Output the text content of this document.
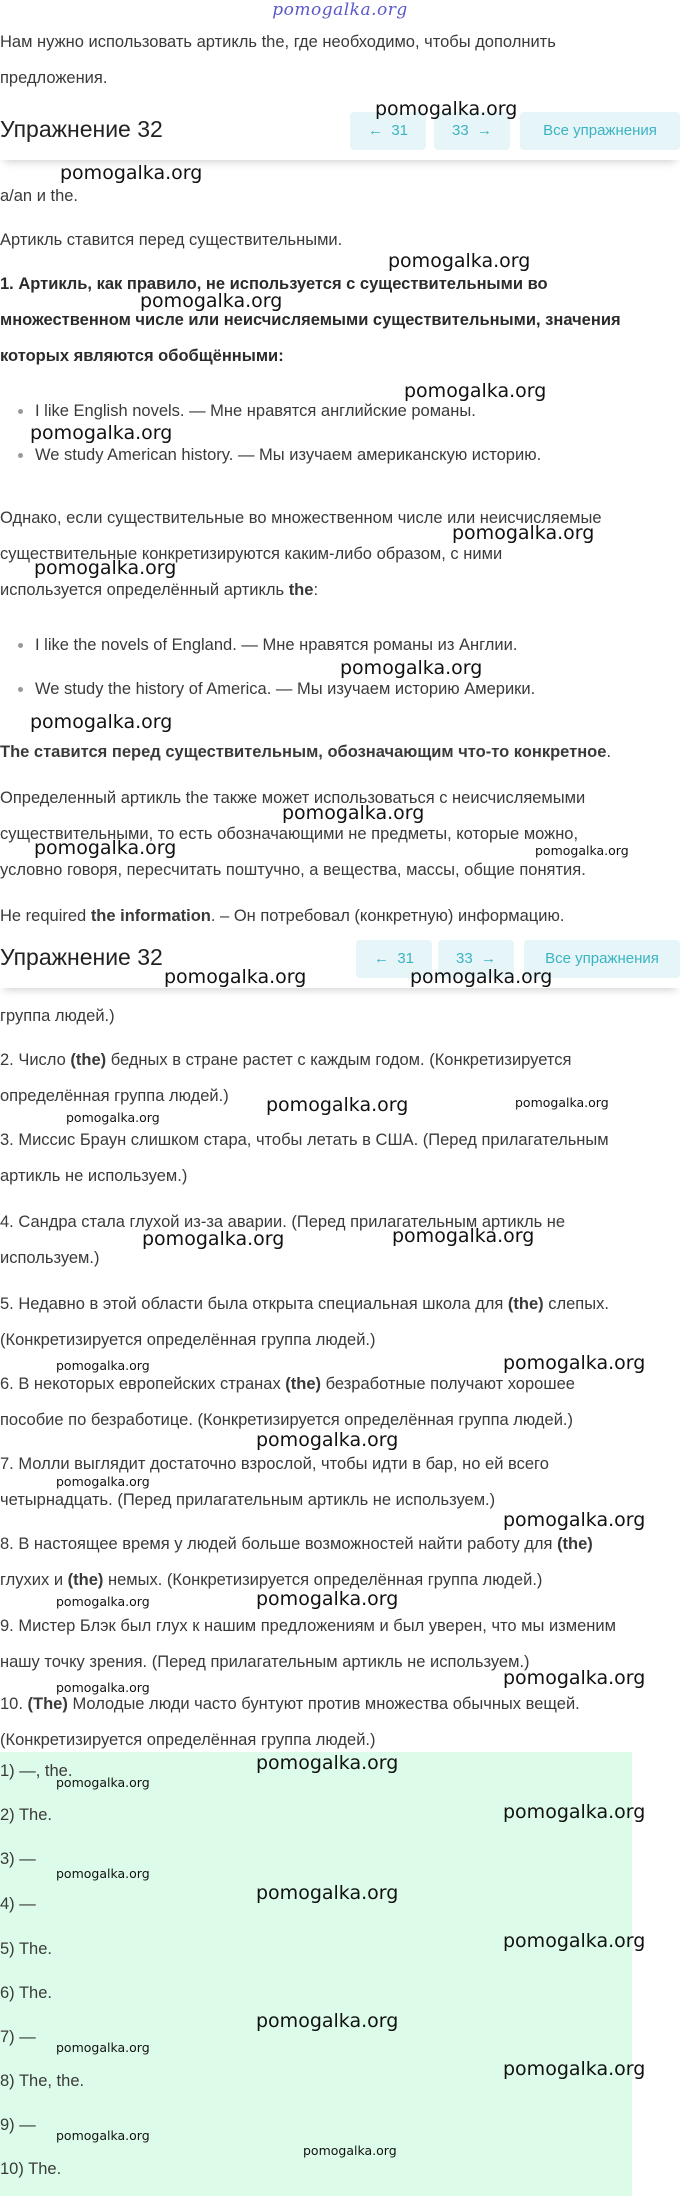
pomogalka.org
Нам нужно использовать артикль the, где необходимо, чтобы дополнить
предложения.
a/an и the.
Артикль ставится перед существительными.
1. Артикль, как правило, не используется с существительными во
множественном числе или неисчисляемыми существительными, значения
которых являются обобщёнными:
I like English novels. — Мне нравятся английские романы.
We study American history. — Мы изучаем американскую историю.
Однако, если существительные во множественном числе или неисчисляемые
существительные конкретизируются каким-либо образом, с ними
используется определённый артикль the:
I like the novels of England. — Мне нравятся романы из Англии.
We study the history of America. — Мы изучаем историю Америки.
The ставится перед существительным, обозначающим что-то конкретное.
Определенный артикль the также может использоваться с неисчисляемыми
существительными, то есть обозначающими не предметы, которые можно,
условно говоря, пересчитать поштучно, а вещества, массы, общие понятия.
He required the information. – Он потребовал (конкретную) информацию.
Упражнение 32	← 31	33 →	Все упражнения
группа людей.)
2. Число (the) бедных в стране растет с каждым годом. (Конкретизируется
определённая группа людей.)
3. Миссис Браун слишком стара, чтобы летать в США. (Перед прилагательным
артикль не используем.)
4. Сандра стала глухой из-за аварии. (Перед прилагательным артикль не
используем.)
5. Недавно в этой области была открыта специальная школа для (the) слепых.
(Конкретизируется определённая группа людей.)
6. В некоторых европейских странах (the) безработные получают хорошее
пособие по безработице. (Конкретизируется определённая группа людей.)
7. Молли выглядит достаточно взрослой, чтобы идти в бар, но ей всего
четырнадцать. (Перед прилагательным артикль не используем.)
8. В настоящее время у людей больше возможностей найти работу для (the)
глухих и (the) немых. (Конкретизируется определённая группа людей.)
9. Мистер Блэк был глух к нашим предложениям и был уверен, что мы изменим
нашу точку зрения. (Перед прилагательным артикль не используем.)
10. (The) Молодые люди часто бунтуют против множества обычных вещей.
(Конкретизируется определённая группа людей.)
Упражнение 32	← 31	33 →	Все упражнения
1) —, the.
2) The.
3) —
4) —
5) The.
6) The.
7) —
8) The, the.
9) —
10) The.
pomogalka.org
pomogalka.org
pomogalka.org
pomogalka.org
pomogalka.org
pomogalka.org
pomogalka.org
pomogalka.org
pomogalka.org
pomogalka.org
pomogalka.org
pomogalka.org	pomogalka.org
pomogalka.org	pomogalka.org
pomogalka.org	pomogalka.org
pomogalka.org
pomogalka.org	pomogalka.org
pomogalka.org	pomogalka.org
pomogalka.org
pomogalka.org
pomogalka.org
pomogalka.org
pomogalka.org
pomogalka.org
pomogalka.org
pomogalka.org
pomogalka.org
pomogalka.org
pomogalka.org
pomogalka.org
pomogalka.org
pomogalka.org
pomogalka.org
pomogalka.org
pomogalka.org
pomogalka.org
